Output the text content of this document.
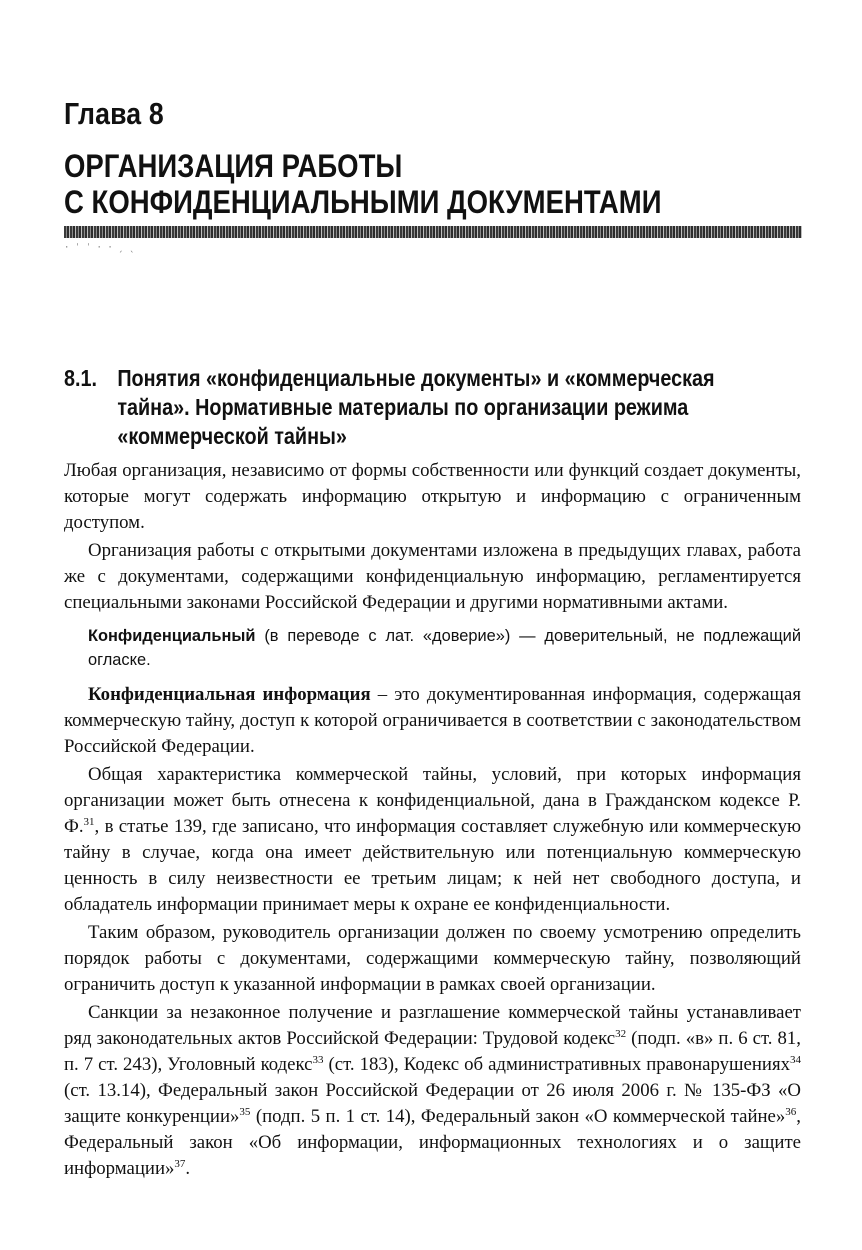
Глава 8
ОРГАНИЗАЦИЯ РАБОТЫ
С КОНФИДЕНЦИАЛЬНЫМИ ДОКУМЕНТАМИ
· ˈ ˈ · · ˏ ˎ
8.1. Понятия «конфиденциальные документы» и «коммерческая
тайна». Нормативные материалы по организации режима
«коммерческой тайны»

Любая организация, независимо от формы собственности или функций создает документы, которые могут содержать информацию открытую и информацию с ограниченным доступом.

Организация работы с открытыми документами изложена в предыдущих главах, работа же с документами, содержащими конфиденциальную информацию, регламентируется специальными законами Российской Федерации и другими нормативными актами.

Конфиденциальный (в переводе с лат. «доверие») — доверительный, не подлежащий огласке.

Конфиденциальная информация – это документированная информация, содержащая коммерческую тайну, доступ к которой ограничивается в соответствии с законодательством Российской Федерации.

Общая характеристика коммерческой тайны, условий, при которых информация организации может быть отнесена к конфиденциальной, дана в Гражданском кодексе Р. Ф.$^{31}$, в статье 139, где записано, что информация составляет служебную или коммерческую тайну в случае, когда она имеет действительную или потенциальную коммерческую ценность в силу неизвестности ее третьим лицам; к ней нет свободного доступа, и обладатель информации принимает меры к охране ее конфиденциальности.

Таким образом, руководитель организации должен по своему усмотрению определить порядок работы с документами, содержащими коммерческую тайну, позволяющий ограничить доступ к указанной информации в рамках своей организации.

Санкции за незаконное получение и разглашение коммерческой тайны устанавливает ряд законодательных актов Российской Федерации: Трудовой кодекс$^{32}$ (подп. «в» п. 6 ст. 81, п. 7 ст. 243), Уголовный кодекс$^{33}$ (ст. 183), Кодекс об административных правонарушениях$^{34}$ (ст. 13.14), Федеральный закон Российской Федерации от 26 июля 2006 г. № 135-ФЗ «О защите конкуренции»$^{35}$ (подп. 5 п. 1 ст. 14), Федеральный закон «О коммерческой тайне»$^{36}$, Федеральный закон «Об информации, информационных технологиях и о защите информации»$^{37}$.
